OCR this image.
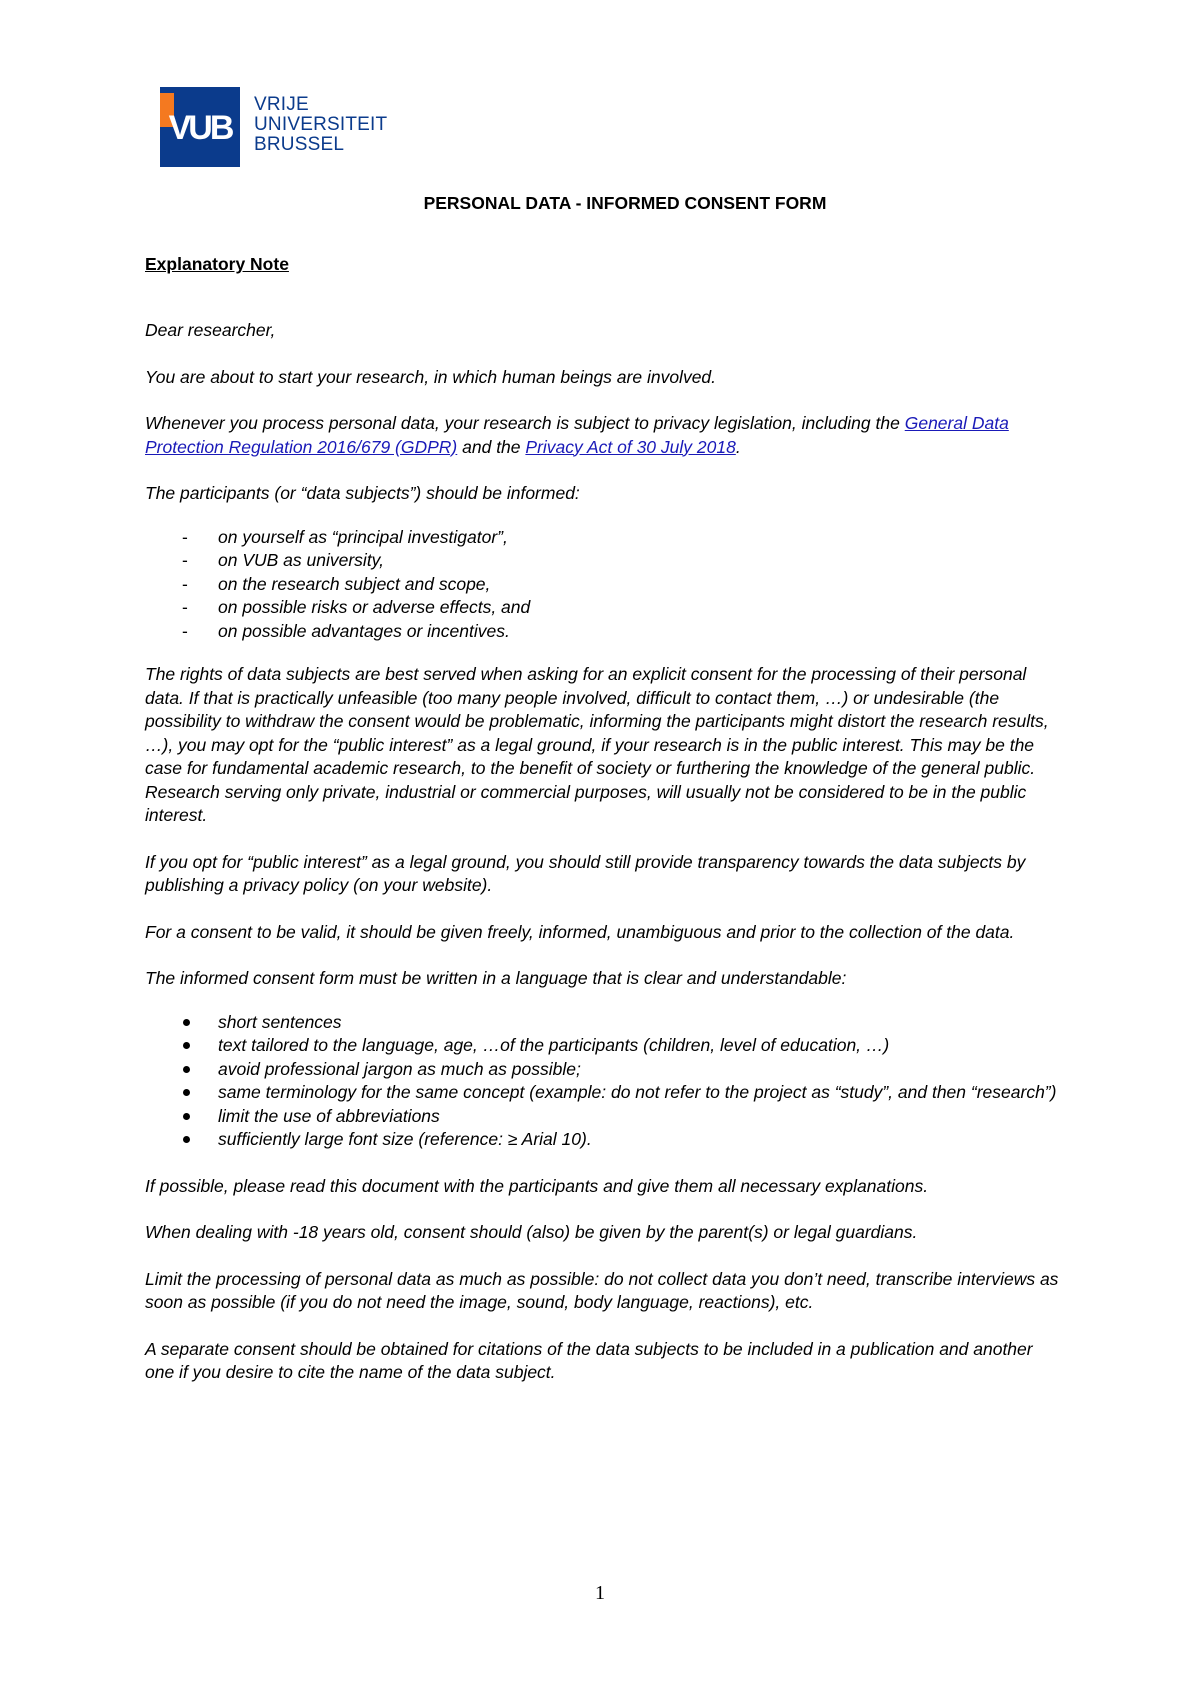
VUB
VRIJE
UNIVERSITEIT
BRUSSEL
PERSONAL DATA - INFORMED CONSENT FORM
Explanatory Note

Dear researcher,

You are about to start your research, in which human beings are involved.

Whenever you process personal data, your research is subject to privacy legislation, including the General Data Protection Regulation 2016/679 (GDPR) and the Privacy Act of 30 July 2018.

The participants (or “data subjects”) should be informed:

- on yourself as “principal investigator”,
- on VUB as university,
- on the research subject and scope,
- on possible risks or adverse effects, and
- on possible advantages or incentives.

The rights of data subjects are best served when asking for an explicit consent for the processing of their personal data. If that is practically unfeasible (too many people involved, difficult to contact them, …) or undesirable (the possibility to withdraw the consent would be problematic, informing the participants might distort the research results, …), you may opt for the “public interest” as a legal ground, if your research is in the public interest. This may be the case for fundamental academic research, to the benefit of society or furthering the knowledge of the general public. Research serving only private, industrial or commercial purposes, will usually not be considered to be in the public interest.

If you opt for “public interest” as a legal ground, you should still provide transparency towards the data subjects by publishing a privacy policy (on your website).

For a consent to be valid, it should be given freely, informed, unambiguous and prior to the collection of the data.

The informed consent form must be written in a language that is clear and understandable:

short sentences
text tailored to the language, age, …of the participants (children, level of education, …)
avoid professional jargon as much as possible;
same terminology for the same concept (example: do not refer to the project as “study”, and then “research”)
limit the use of abbreviations
sufficiently large font size (reference: ≥ Arial 10).

If possible, please read this document with the participants and give them all necessary explanations.

When dealing with -18 years old, consent should (also) be given by the parent(s) or legal guardians.

Limit the processing of personal data as much as possible: do not collect data you don’t need, transcribe interviews as soon as possible (if you do not need the image, sound, body language, reactions), etc.

A separate consent should be obtained for citations of the data subjects to be included in a publication and another one if you desire to cite the name of the data subject.

1
